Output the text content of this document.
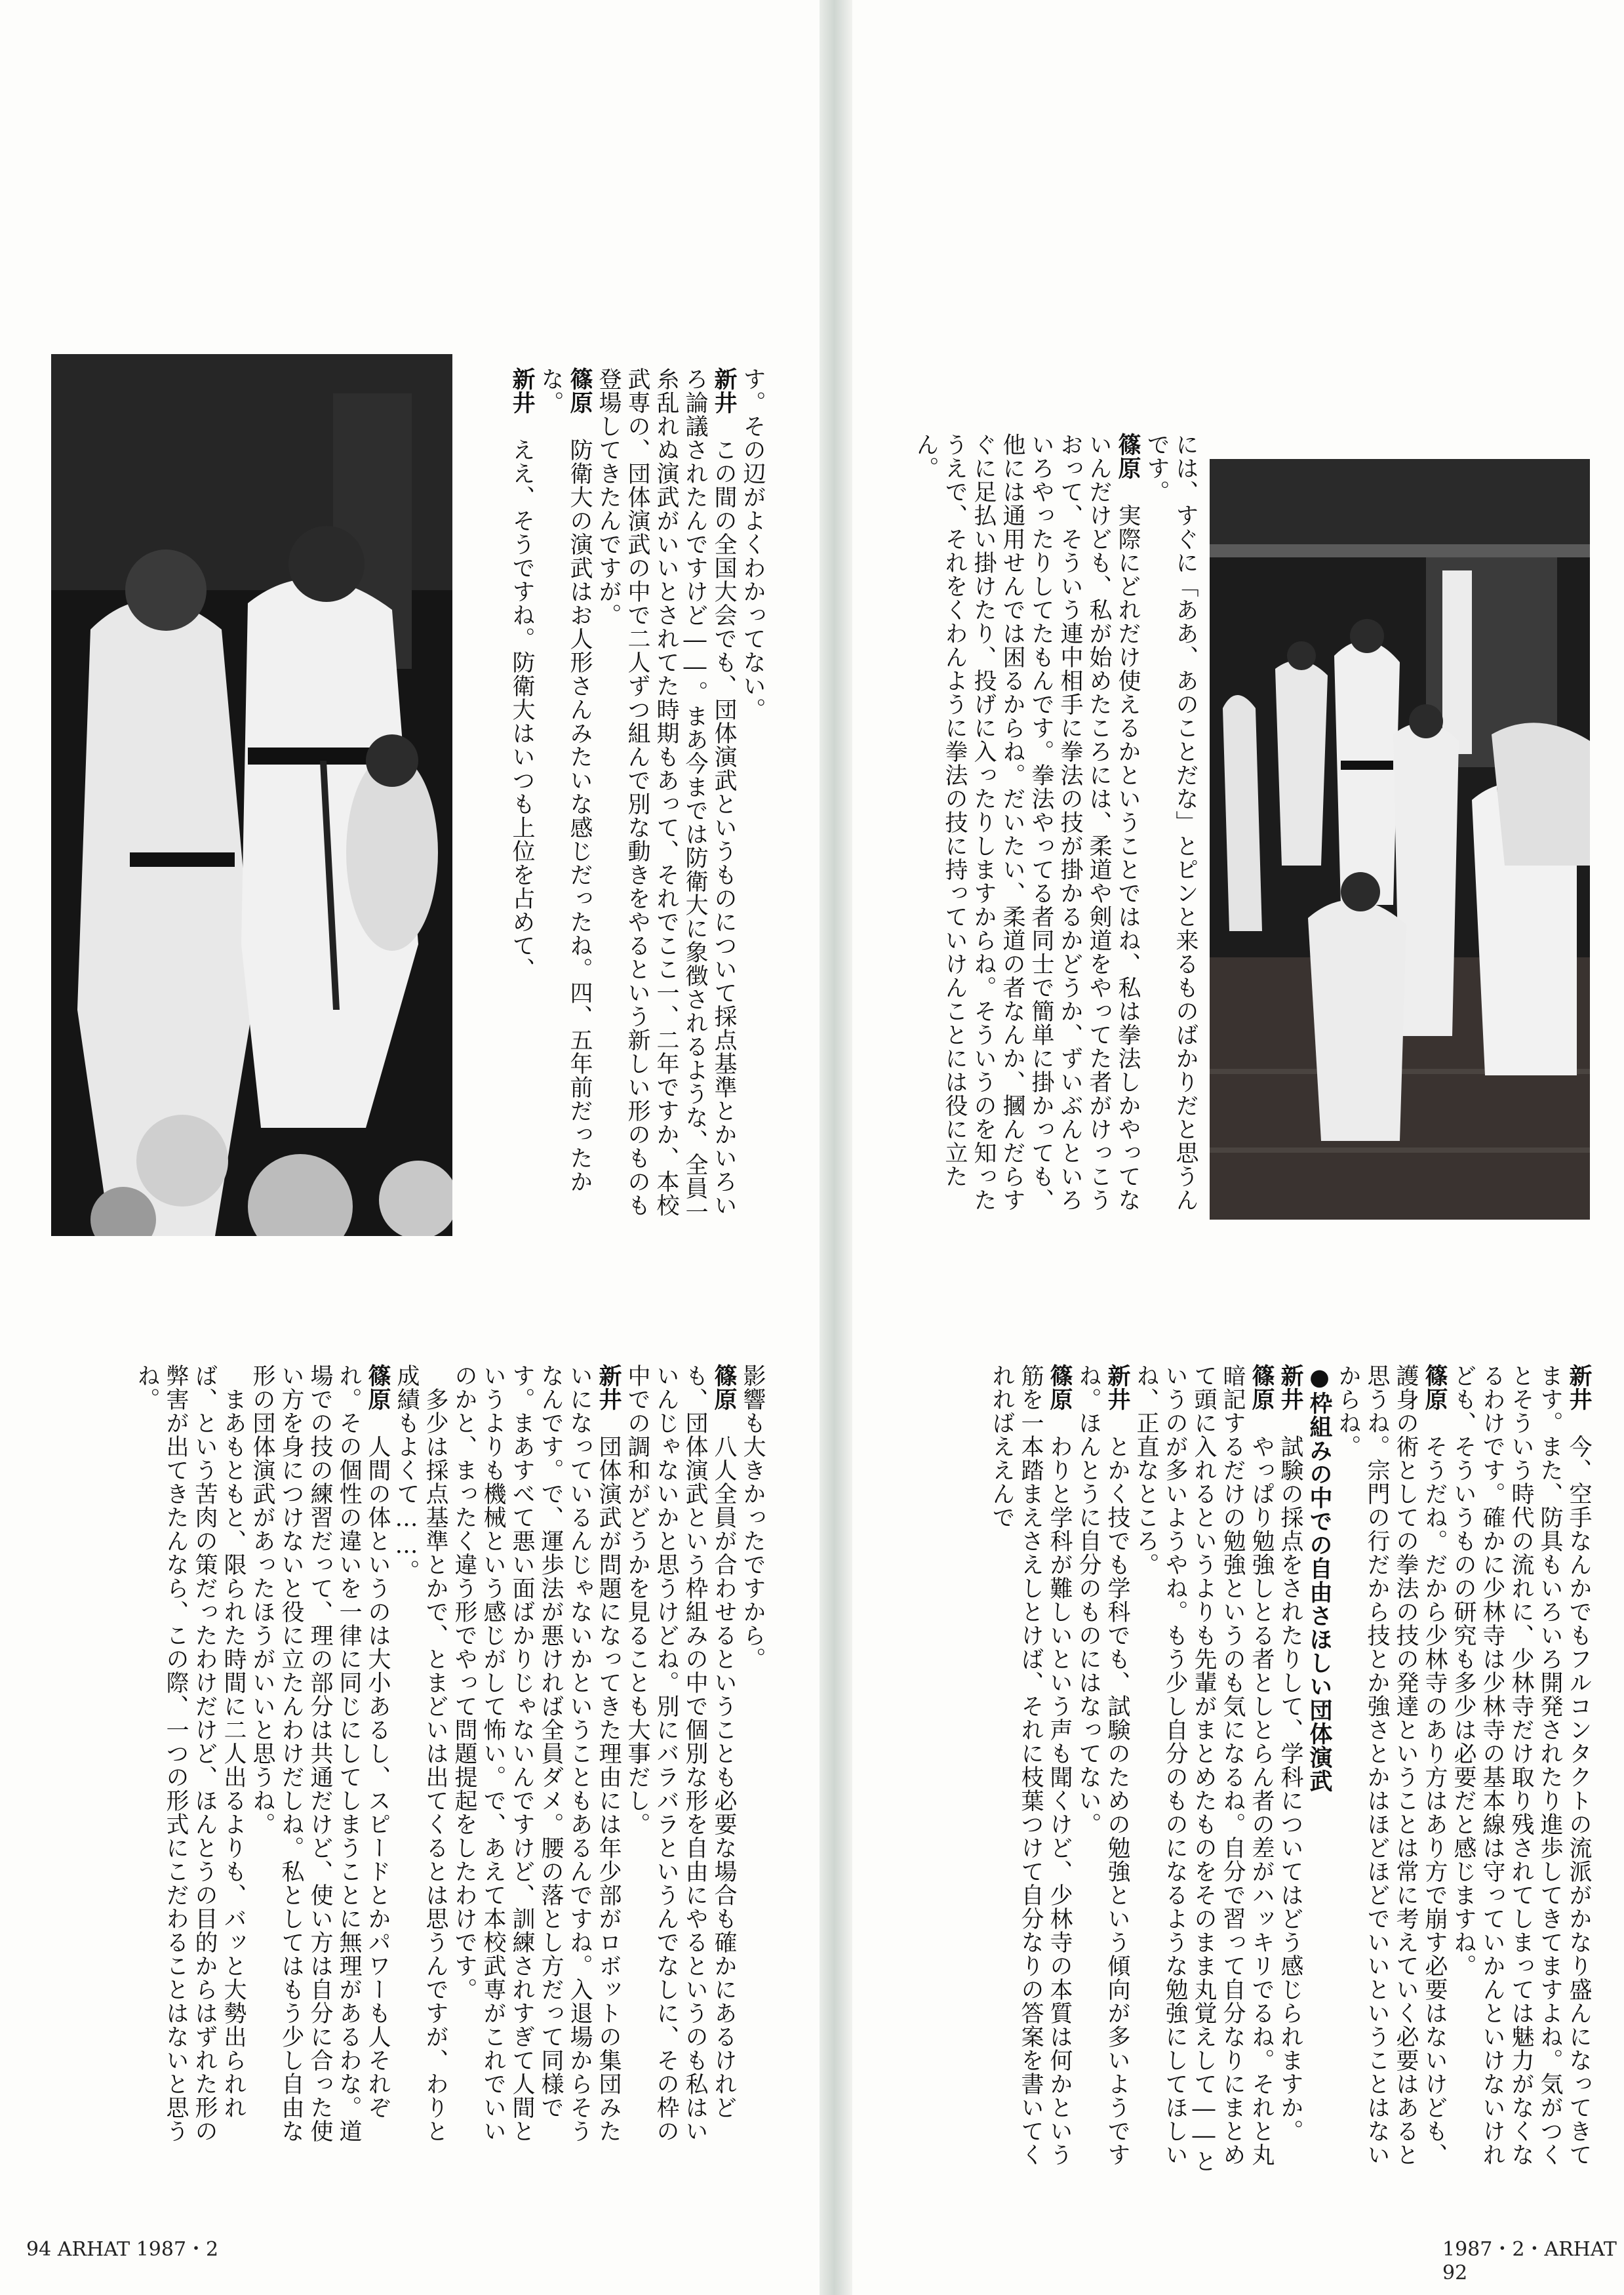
す。その辺がよくわかってない。

新井　この間の全国大会でも、団体演武というものについて採点基準とかいろいろ論議されたんですけど――。まあ今までは防衛大に象徴されるような、全員一糸乱れぬ演武がいいとされてた時期もあって、それでここ一、二年ですか、本校武専の、団体演武の中で二人ずつ組んで別な動きをやるという新しい形のものも登場してきたんですが。

篠原　防衛大の演武はお人形さんみたいな感じだったね。四、五年前だったかな。

新井　ええ、そうですね。防衛大はいつも上位を占めて、

影響も大きかったですから。

篠原　八人全員が合わせるということも必要な場合も確かにあるけれども、団体演武という枠組みの中で個別な形を自由にやるというのも私はいいんじゃないかと思うけどね。別にバラバラというんでなしに、その枠の中での調和がどうかを見ることも大事だし。

新井　団体演武が問題になってきた理由には年少部がロボットの集団みたいになっているんじゃないかということもあるんですね。入退場からそうなんです。で、運歩法が悪ければ全員ダメ。腰の落とし方だって同様です。まあすべて悪い面ばかりじゃないんですけど、訓練されすぎて人間というよりも機械という感じがして怖い。で、あえて本校武専がこれでいいのかと、まったく違う形でやって問題提起をしたわけです。

　多少は採点基準とかで、とまどいは出てくるとは思うんですが、わりと成績もよくて……。

篠原　人間の体というのは大小あるし、スピードとかパワーも人それぞれ。その個性の違いを一律に同じにしてしまうことに無理があるわな。道場での技の練習だって、理の部分は共通だけど、使い方は自分に合った使い方を身につけないと役に立たんわけだしね。私としてはもう少し自由な形の団体演武があったほうがいいと思うね。

　まあもともと、限られた時間に二人出るよりも、バッと大勢出られれば、という苦肉の策だったわけだけど、ほんとうの目的からはずれた形の弊害が出てきたんなら、この際、一つの形式にこだわることはないと思うね。

94 ARHAT 1987・2

には、すぐに「ああ、あのことだな」とピンと来るものばかりだと思うんです。

篠原　実際にどれだけ使えるかということではね、私は拳法しかやってないんだけども、私が始めたころには、柔道や剣道をやってた者がけっこうおって、そういう連中相手に拳法の技が掛かるかどうか、ずいぶんといろいろやったりしてたもんです。拳法やってる者同士で簡単に掛かっても、他には通用せんでは困るからね。だいたい、柔道の者なんか、摑んだらすぐに足払い掛けたり、投げに入ったりしますからね。そういうのを知ったうえで、それをくわんように拳法の技に持っていけんことには役に立たん。

新井　今、空手なんかでもフルコンタクトの流派がかなり盛んになってきてます。また、防具もいろいろ開発されたり進歩してきてますよね。気がつくとそういう時代の流れに、少林寺だけ取り残されてしまっては魅力がなくなるわけです。確かに少林寺は少林寺の基本線は守っていかんといけないけれども、そういうものの研究も多少は必要だと感じますね。

篠原　そうだね。だから少林寺のあり方はあり方で崩す必要はないけども、護身の術としての拳法の技の発達ということは常に考えていく必要はあると思うね。宗門の行だから技とか強さとかはほどほどでいいということはないからね。

●枠組みの中での自由さほしい団体演武

新井　試験の採点をされたりして、学科についてはどう感じられますか。

篠原　やっぱり勉強しとる者としとらん者の差がハッキリでるね。それと丸暗記するだけの勉強というのも気になるね。自分で習って自分なりにまとめて頭に入れるというよりも先輩がまとめたものをそのまま丸覚えして――というのが多いようやね。もう少し自分のものになるような勉強にしてほしいね、正直なところ。

新井　とかく技でも学科でも、試験のための勉強という傾向が多いようですね。ほんとうに自分のものにはなってない。

篠原　わりと学科が難しいという声も聞くけど、少林寺の本質は何かという筋を一本踏まえさえしとけば、それに枝葉つけて自分なりの答案を書いてくれればええんで

1987・2・ARHAT 92
